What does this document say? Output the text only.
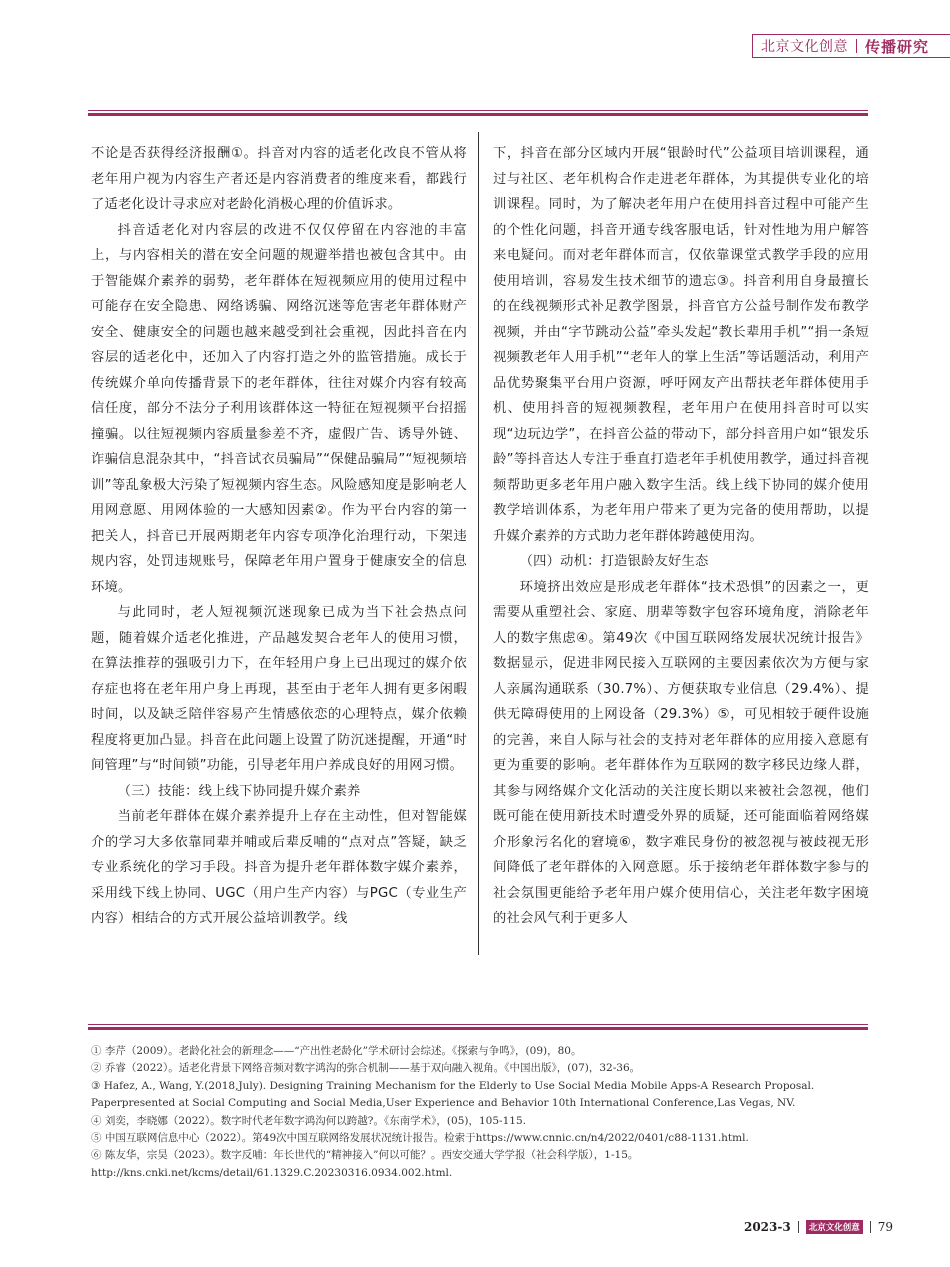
北京文化创意 传播研究

不论是否获得经济报酬①。抖音对内容的适老化改良不管从将老年用户视为内容生产者还是内容消费者的维度来看，都践行了适老化设计寻求应对老龄化消极心理的价值诉求。

抖音适老化对内容层的改进不仅仅停留在内容池的丰富上，与内容相关的潜在安全问题的规避举措也被包含其中。由于智能媒介素养的弱势，老年群体在短视频应用的使用过程中可能存在安全隐患、网络诱骗、网络沉迷等危害老年群体财产安全、健康安全的问题也越来越受到社会重视，因此抖音在内容层的适老化中，还加入了内容打造之外的监管措施。成长于传统媒介单向传播背景下的老年群体，往往对媒介内容有较高信任度，部分不法分子利用该群体这一特征在短视频平台招摇撞骗。以往短视频内容质量参差不齐，虚假广告、诱导外链、诈骗信息混杂其中，“抖音试衣员骗局”“保健品骗局”“短视频培训”等乱象极大污染了短视频内容生态。风险感知度是影响老人用网意愿、用网体验的一大感知因素②。作为平台内容的第一把关人，抖音已开展两期老年内容专项净化治理行动，下架违规内容，处罚违规账号，保障老年用户置身于健康安全的信息环境。

与此同时，老人短视频沉迷现象已成为当下社会热点问题，随着媒介适老化推进，产品越发契合老年人的使用习惯，在算法推荐的强吸引力下，在年轻用户身上已出现过的媒介依存症也将在老年用户身上再现，甚至由于老年人拥有更多闲暇时间，以及缺乏陪伴容易产生情感依恋的心理特点，媒介依赖程度将更加凸显。抖音在此问题上设置了防沉迷提醒，开通“时间管理”与“时间锁”功能，引导老年用户养成良好的用网习惯。

（三）技能：线上线下协同提升媒介素养

当前老年群体在媒介素养提升上存在主动性，但对智能媒介的学习大多依靠同辈并哺或后辈反哺的“点对点”答疑，缺乏专业系统化的学习手段。抖音为提升老年群体数字媒介素养，采用线下线上协同、UGC（用户生产内容）与PGC（专业生产内容）相结合的方式开展公益培训教学。线

下，抖音在部分区域内开展“银龄时代”公益项目培训课程，通过与社区、老年机构合作走进老年群体，为其提供专业化的培训课程。同时，为了解决老年用户在使用抖音过程中可能产生的个性化问题，抖音开通专线客服电话，针对性地为用户解答来电疑问。而对老年群体而言，仅依靠课堂式教学手段的应用使用培训，容易发生技术细节的遗忘③。抖音利用自身最擅长的在线视频形式补足教学图景，抖音官方公益号制作发布教学视频，并由“字节跳动公益”牵头发起“教长辈用手机”“捐一条短视频教老年人用手机”“老年人的掌上生活”等话题活动，利用产品优势聚集平台用户资源，呼吁网友产出帮扶老年群体使用手机、使用抖音的短视频教程，老年用户在使用抖音时可以实现“边玩边学”，在抖音公益的带动下，部分抖音用户如“银发乐龄”等抖音达人专注于垂直打造老年手机使用教学，通过抖音视频帮助更多老年用户融入数字生活。线上线下协同的媒介使用教学培训体系，为老年用户带来了更为完备的使用帮助，以提升媒介素养的方式助力老年群体跨越使用沟。

（四）动机：打造银龄友好生态

环境挤出效应是形成老年群体“技术恐惧”的因素之一，更需要从重塑社会、家庭、朋辈等数字包容环境角度，消除老年人的数字焦虑④。第49次《中国互联网络发展状况统计报告》数据显示，促进非网民接入互联网的主要因素依次为方便与家人亲属沟通联系（30.7%）、方便获取专业信息（29.4%）、提供无障碍使用的上网设备（29.3%）⑤，可见相较于硬件设施的完善，来自人际与社会的支持对老年群体的应用接入意愿有更为重要的影响。老年群体作为互联网的数字移民边缘人群，其参与网络媒介文化活动的关注度长期以来被社会忽视，他们既可能在使用新技术时遭受外界的质疑，还可能面临着网络媒介形象污名化的窘境⑥，数字难民身份的被忽视与被歧视无形间降低了老年群体的入网意愿。乐于接纳老年群体数字参与的社会氛围更能给予老年用户媒介使用信心，关注老年数字困境的社会风气利于更多人

① 李芹（2009）。老龄化社会的新理念——“产出性老龄化”学术研讨会综述。《探索与争鸣》，(09)，80。
② 乔睿（2022）。适老化背景下网络音频对数字鸿沟的弥合机制——基于双向融入视角。《中国出版》，(07)，32-36。
③ Hafez, A., Wang, Y.(2018,July). Designing Training Mechanism for the Elderly to Use Social Media Mobile Apps-A Research Proposal. Paperpresented at Social Computing and Social Media,User Experience and Behavior 10th International Conference,Las Vegas, NV.
④ 刘奕，李晓娜（2022）。数字时代老年数字鸿沟何以跨越?。《东南学术》，(05)，105-115.
⑤ 中国互联网信息中心（2022）。第49次中国互联网络发展状况统计报告。检索于https://www.cnnic.cn/n4/2022/0401/c88-1131.html.
⑥ 陈友华，宗昊（2023）。数字反哺：年长世代的“精神接入”何以可能？。西安交通大学学报（社会科学版），1-15。http://kns.cnki.net/kcms/detail/61.1329.C.20230316.0934.002.html.
2023-3	北京文化创意 79
